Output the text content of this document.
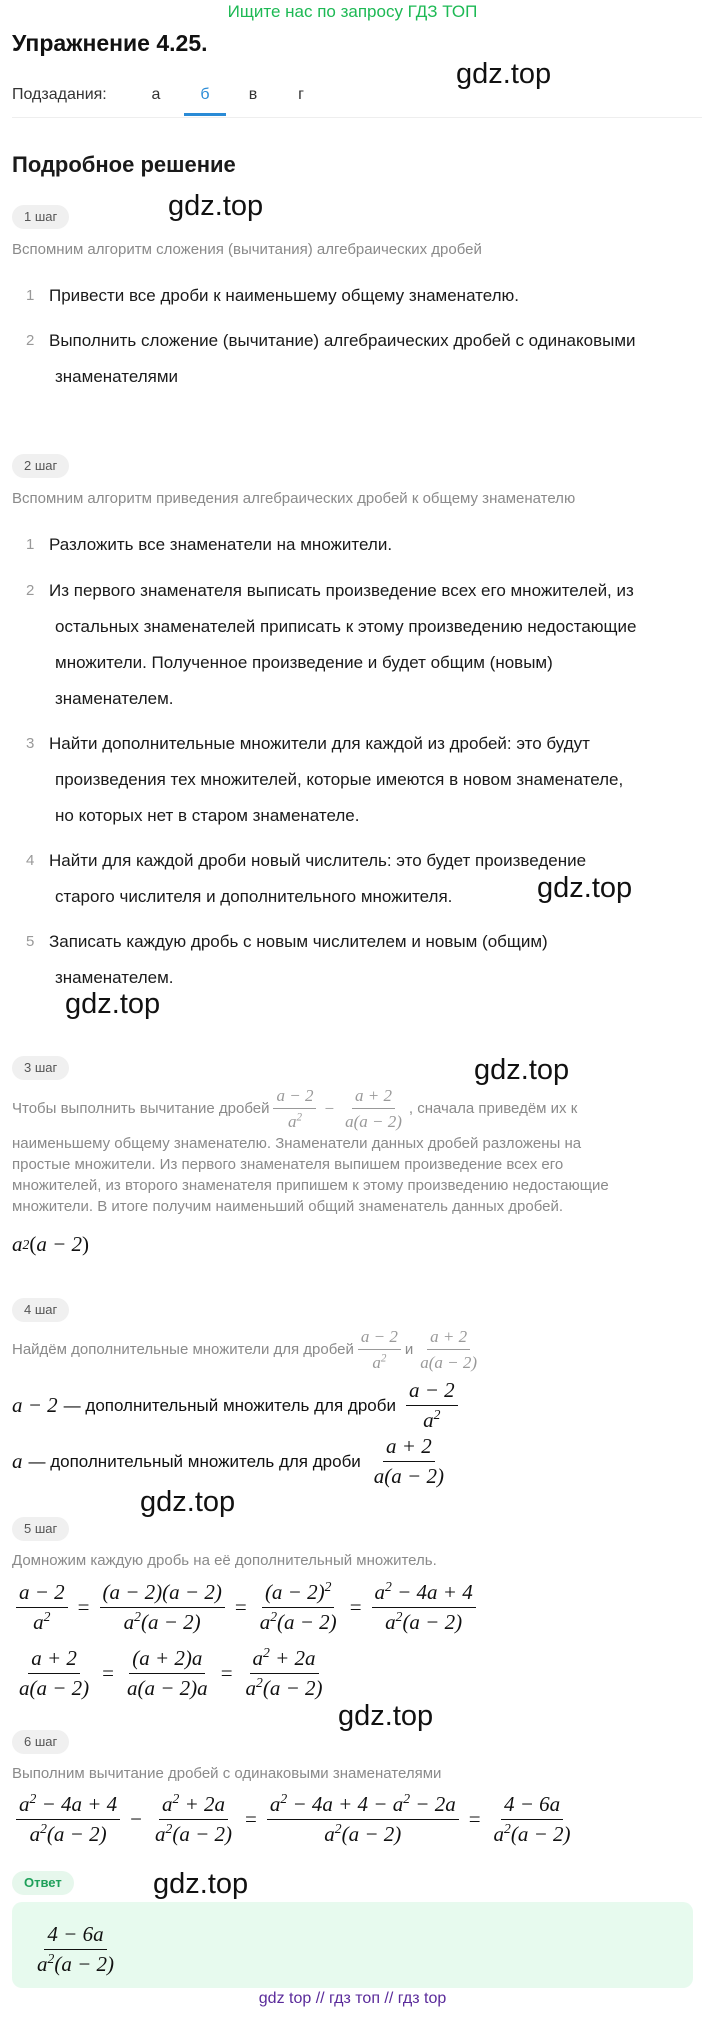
Ищите нас по запросу ГДЗ ТОП
Упражнение 4.25.
Подзадания:	а	б	в	г
gdz.top
Подробное решение
1 шаг	gdz.top
Вспомним алгоритм сложения (вычитания) алгебраических дробей
1 Привести все дроби к наименьшему общему знаменателю.
2 Выполнить сложение (вычитание) алгебраических дробей с одинаковыми
знаменателями
2 шаг
Вспомним алгоритм приведения алгебраических дробей к общему знаменателю
1 Разложить все знаменатели на множители.
2 Из первого знаменателя выписать произведение всех его множителей, из
остальных знаменателей приписать к этому произведению недостающие
множители. Полученное произведение и будет общим (новым)
знаменателем.
3 Найти дополнительные множители для каждой из дробей: это будут
произведения тех множителей, которые имеются в новом знаменателе,
но которых нет в старом знаменателе.
4 Найти для каждой дроби новый числитель: это будет произведение
старого числителя и дополнительного множителя.	gdz.top
5 Записать каждую дробь с новым числителем и новым (общим)
знаменателем.
gdz.top
gdz.top
3 шаг
Чтобы выполнить вычитание дробей $\frac{a - 2}{a^2} - \frac{a + 2}{a(a - 2)}$ , сначала приведём их к
наименьшему общему знаменателю. Знаменатели данных дробей разложены на
простые множители. Из первого знаменателя выпишем произведение всех его
множителей, из второго знаменателя припишем к этому произведению недостающие
множители. В итоге получим наименьший общий знаменатель данных дробей.
a 2 ( a − 2 )
4 шаг
Найдём дополнительные множители для дробей $\frac{a - 2}{a^2}$ и $\frac{a + 2}{a(a - 2)}$
a − 2 — дополнительный множитель для дроби $\frac{a - 2}{a^2}$
a — дополнительный множитель для дроби $\frac{a + 2}{a(a - 2)}$
gdz.top
5 шаг
Домножим каждую дробь на её дополнительный множитель.
$\frac{a - 2}{a^2} = \frac{(a - 2)(a - 2)}{a^2(a - 2)} = \frac{(a - 2)^2}{a^2(a - 2)} = \frac{a^2 - 4a + 4}{a^2(a - 2)}$
$\frac{a + 2}{a(a - 2)} = \frac{(a + 2)a}{a(a - 2)a} = \frac{a^2 + 2a}{a^2(a - 2)}$
gdz.top
6 шаг
Выполним вычитание дробей с одинаковыми знаменателями
$\frac{a^2 - 4a + 4}{a^2(a - 2)} - \frac{a^2 + 2a}{a^2(a - 2)} = \frac{a^2 - 4a + 4 - a^2 - 2a}{a^2(a - 2)} = \frac{4 - 6a}{a^2(a - 2)}$
Ответ	gdz.top
$\frac{4 - 6a}{a^2(a - 2)}$
gdz top // гдз топ // гдз top
